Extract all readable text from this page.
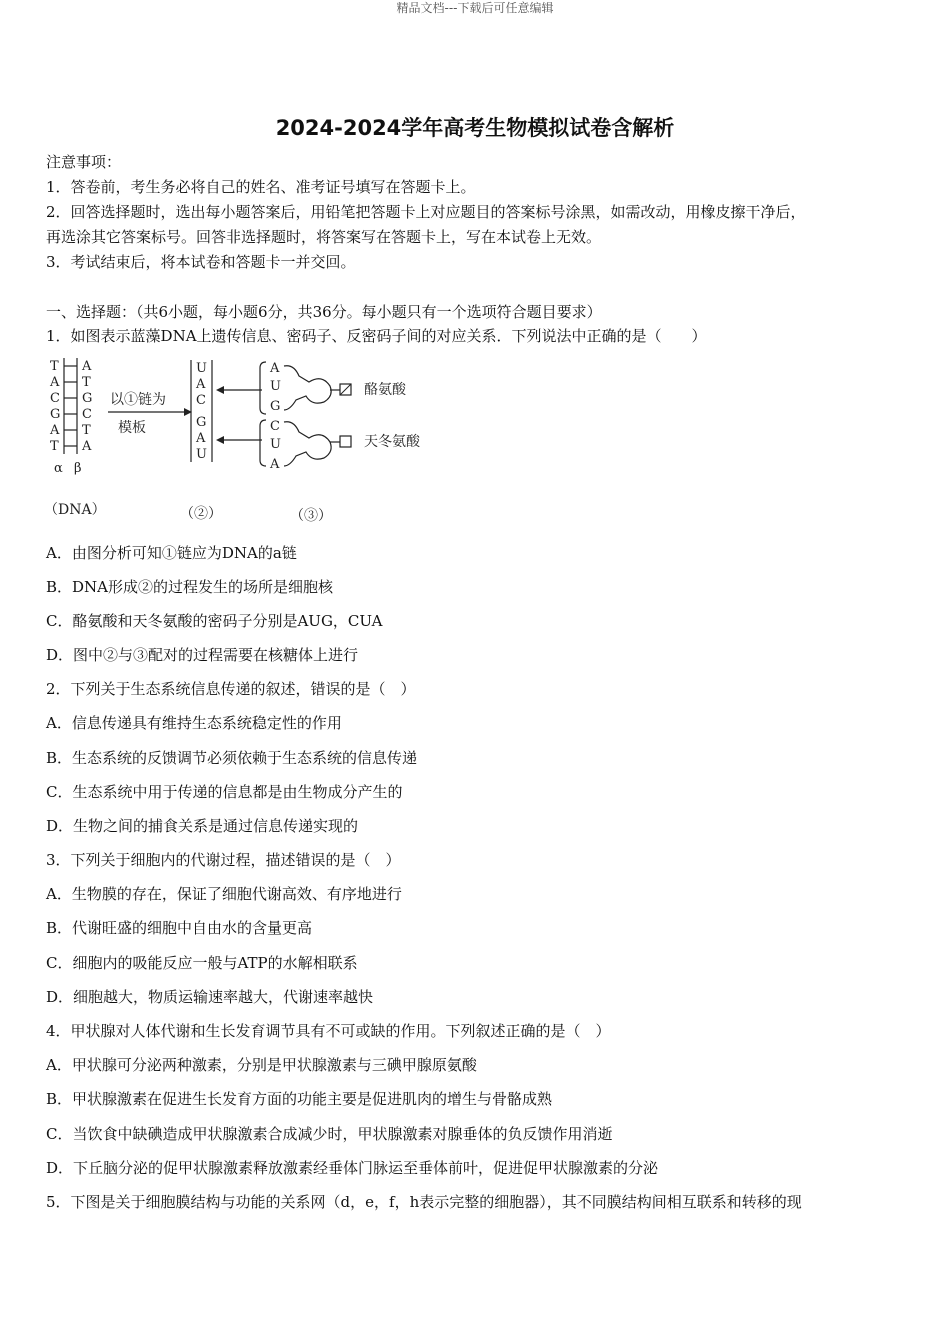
精品文档---下载后可任意编辑
2024-2024学年高考生物模拟试卷含解析
注意事项：
1．答卷前，考生务必将自己的姓名、准考证号填写在答题卡上。
2．回答选择题时，选出每小题答案后，用铅笔把答题卡上对应题目的答案标号涂黑，如需改动，用橡皮擦干净后，
再选涂其它答案标号。回答非选择题时，将答案写在答题卡上，写在本试卷上无效。
3．考试结束后，将本试卷和答题卡一并交回。
一、选择题：（共6小题，每小题6分，共36分。每小题只有一个选项符合题目要求）
1．如图表示蓝藻DNA上遗传信息、密码子、反密码子间的对应关系．下列说法中正确的是（　　）
T
A
C
G
A
T
A
T
G
C
T
A
α β
以①链为
模板
U
A
C
G
A
U
A
U
G
酪氨酸
C
U
A
天冬氨酸
（DNA）	（②）	（③）
A．由图分析可知①链应为DNA的a链
B．DNA形成②的过程发生的场所是细胞核
C．酪氨酸和天冬氨酸的密码子分别是AUG，CUA
D．图中②与③配对的过程需要在核糖体上进行
2．下列关于生态系统信息传递的叙述，错误的是（　）
A．信息传递具有维持生态系统稳定性的作用
B．生态系统的反馈调节必须依赖于生态系统的信息传递
C．生态系统中用于传递的信息都是由生物成分产生的
D．生物之间的捕食关系是通过信息传递实现的
3．下列关于细胞内的代谢过程，描述错误的是（　）
A．生物膜的存在，保证了细胞代谢高效、有序地进行
B．代谢旺盛的细胞中自由水的含量更高
C．细胞内的吸能反应一般与ATP的水解相联系
D．细胞越大，物质运输速率越大，代谢速率越快
4．甲状腺对人体代谢和生长发育调节具有不可或缺的作用。下列叙述正确的是（　）
A．甲状腺可分泌两种激素，分别是甲状腺激素与三碘甲腺原氨酸
B．甲状腺激素在促进生长发育方面的功能主要是促进肌肉的增生与骨骼成熟
C．当饮食中缺碘造成甲状腺激素合成减少时，甲状腺激素对腺垂体的负反馈作用消逝
D．下丘脑分泌的促甲状腺激素释放激素经垂体门脉运至垂体前叶，促进促甲状腺激素的分泌
5．下图是关于细胞膜结构与功能的关系网（d，e，f，h表示完整的细胞器），其不同膜结构间相互联系和转移的现
